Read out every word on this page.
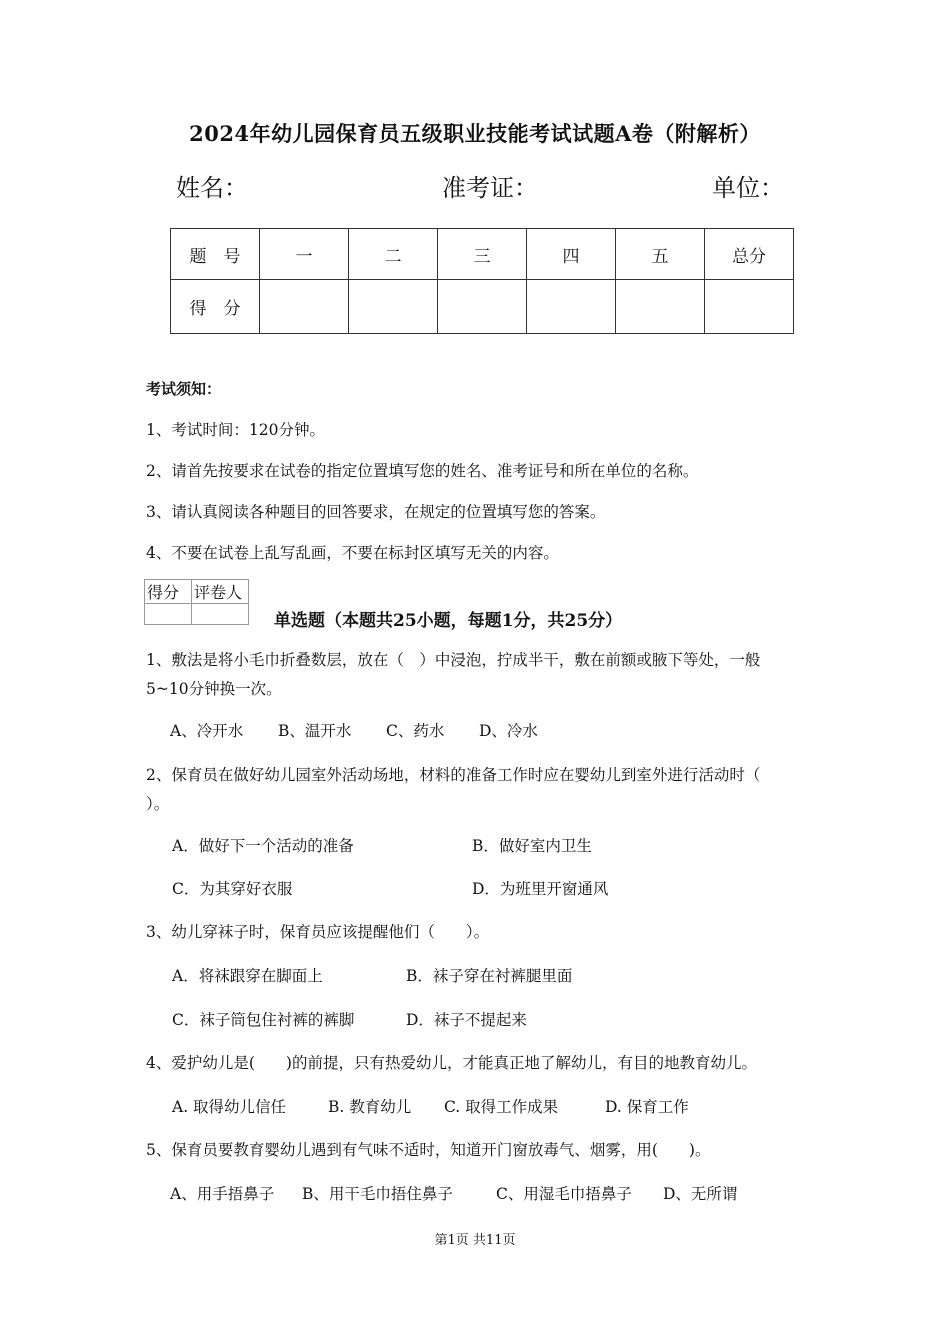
2024年幼儿园保育员五级职业技能考试试题A卷（附解析）
姓名：	准考证：	单位：
题　号	一	二	三	四	五	总分
得　分						
考试须知：
1、考试时间：120分钟。
2、请首先按要求在试卷的指定位置填写您的姓名、准考证号和所在单位的名称。
3、请认真阅读各种题目的回答要求，在规定的位置填写您的答案。
4、不要在试卷上乱写乱画，不要在标封区填写无关的内容。
得分	评卷人

单选题（本题共25小题，每题1分，共25分）
1、敷法是将小毛巾折叠数层，放在（　）中浸泡，拧成半干，敷在前额或腋下等处，一般
5~10分钟换一次。
A、冷开水 B、温开水 C、药水 D、冷水
2、保育员在做好幼儿园室外活动场地，材料的准备工作时应在婴幼儿到室外进行活动时（
）。
A．做好下一个活动的准备	B．做好室内卫生
C．为其穿好衣服	D．为班里开窗通风
3、幼儿穿袜子时，保育员应该提醒他们（　　）。
A．将袜跟穿在脚面上	B．袜子穿在衬裤腿里面
C．袜子筒包住衬裤的裤脚	D．袜子不提起来
4、爱护幼儿是(　　)的前提，只有热爱幼儿，才能真正地了解幼儿，有目的地教育幼儿。
A. 取得幼儿信任	B. 教育幼儿 C. 取得工作成果	D. 保育工作
5、保育员要教育婴幼儿遇到有气味不适时，知道开门窗放毒气、烟雾，用(　　)。
A、用手捂鼻子 B、用干毛巾捂住鼻子	C、用湿毛巾捂鼻子 D、无所谓
第1页 共11页
